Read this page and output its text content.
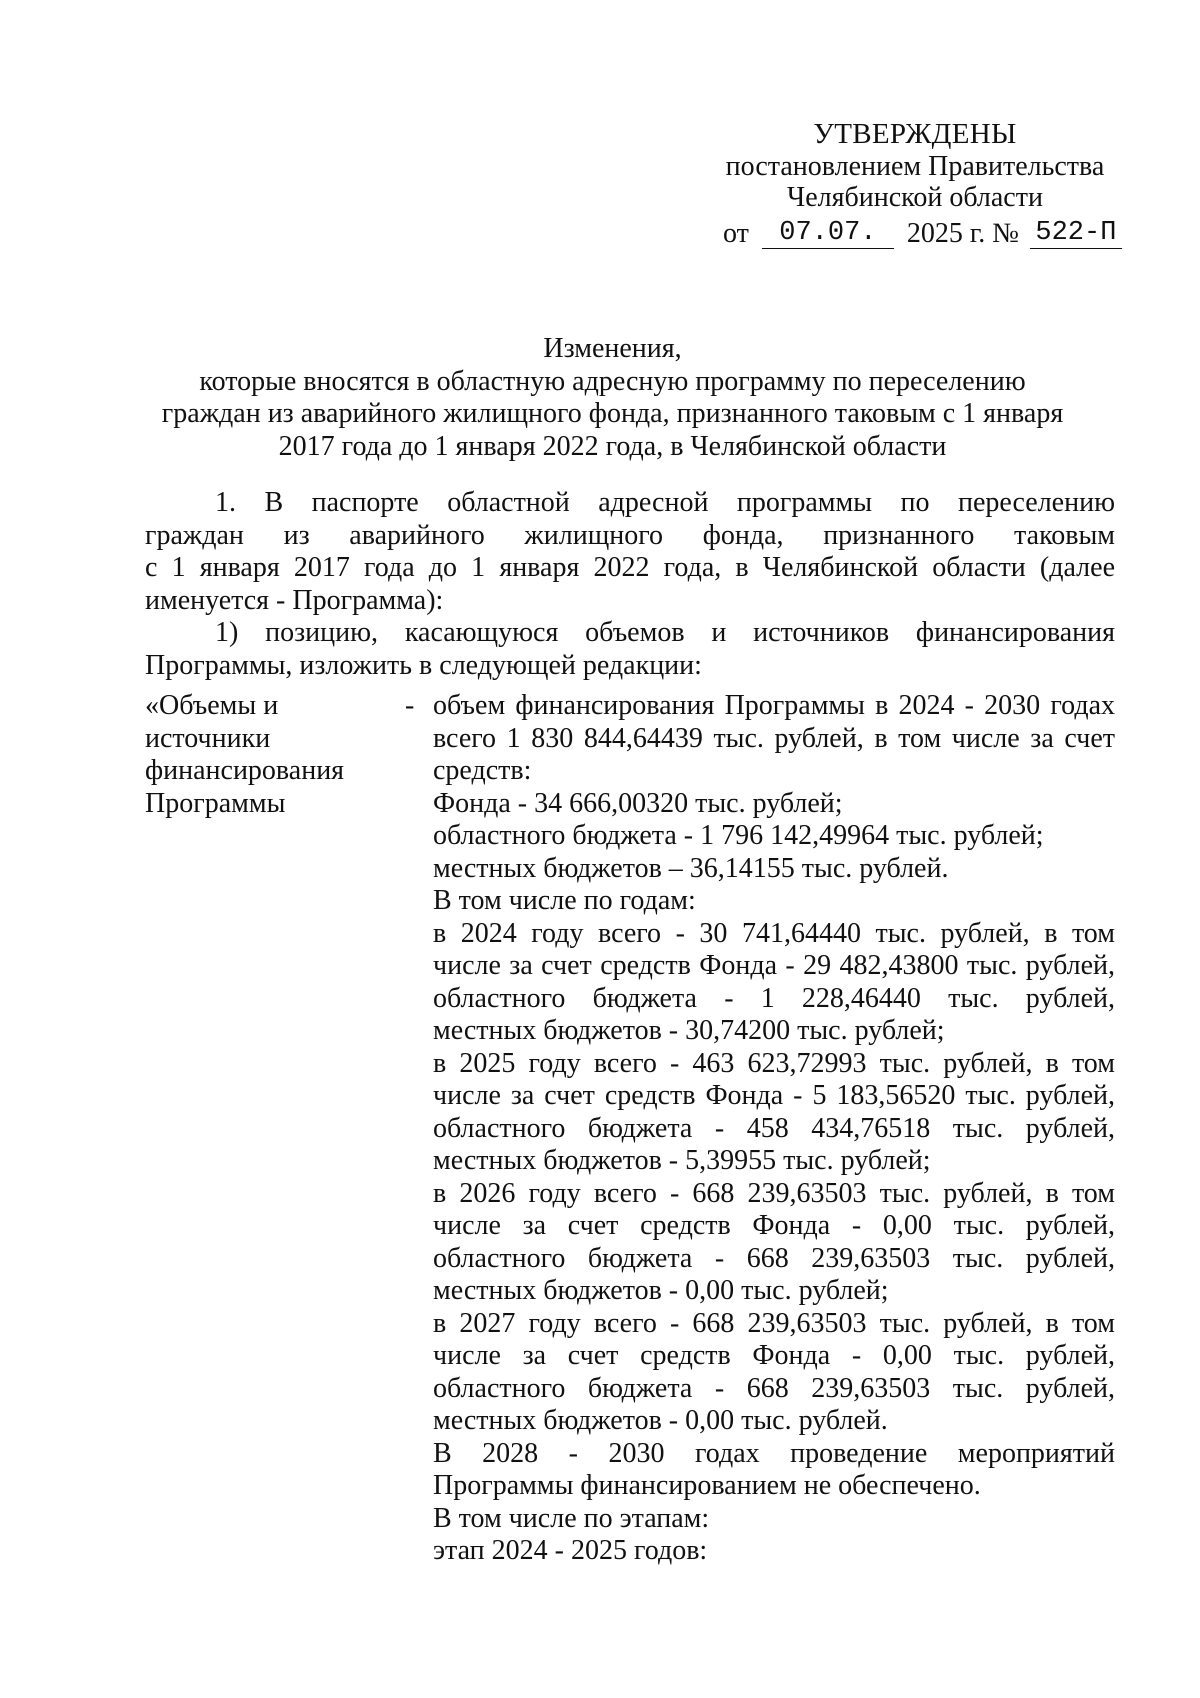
УТВЕРЖДЕНЫ
постановлением Правительства
Челябинской области
от 07.07. 2025 г. № 522-П
Изменения,
которые вносятся в областную адресную программу по переселению
граждан из аварийного жилищного фонда, признанного таковым с 1 января
2017 года до 1 января 2022 года, в Челябинской области
1. В паспорте областной адресной программы по переселению
граждан из аварийного жилищного фонда, признанного таковым
с 1 января 2017 года до 1 января 2022 года, в Челябинской области (далее
именуется - Программа):
1) позицию, касающуюся объемов и источников финансирования
Программы, изложить в следующей редакции:
«Объемы и
источники
финансирования
Программы
- объем финансирования Программы в 2024 - 2030 годах
всего 1 830 844,64439 тыс. рублей, в том числе за счет
средств:
Фонда - 34 666,00320 тыс. рублей;
областного бюджета - 1 796 142,49964 тыс. рублей;
местных бюджетов – 36,14155 тыс. рублей.
В том числе по годам:
в 2024 году всего - 30 741,64440 тыс. рублей, в том
числе за счет средств Фонда - 29 482,43800 тыс. рублей,
областного бюджета - 1 228,46440 тыс. рублей,
местных бюджетов - 30,74200 тыс. рублей;
в 2025 году всего - 463 623,72993 тыс. рублей, в том
числе за счет средств Фонда - 5 183,56520 тыс. рублей,
областного бюджета - 458 434,76518 тыс. рублей,
местных бюджетов - 5,39955 тыс. рублей;
в 2026 году всего - 668 239,63503 тыс. рублей, в том
числе за счет средств Фонда - 0,00 тыс. рублей,
областного бюджета - 668 239,63503 тыс. рублей,
местных бюджетов - 0,00 тыс. рублей;
в 2027 году всего - 668 239,63503 тыс. рублей, в том
числе за счет средств Фонда - 0,00 тыс. рублей,
областного бюджета - 668 239,63503 тыс. рублей,
местных бюджетов - 0,00 тыс. рублей.
В 2028 - 2030 годах проведение мероприятий
Программы финансированием не обеспечено.
В том числе по этапам:
этап 2024 - 2025 годов:
